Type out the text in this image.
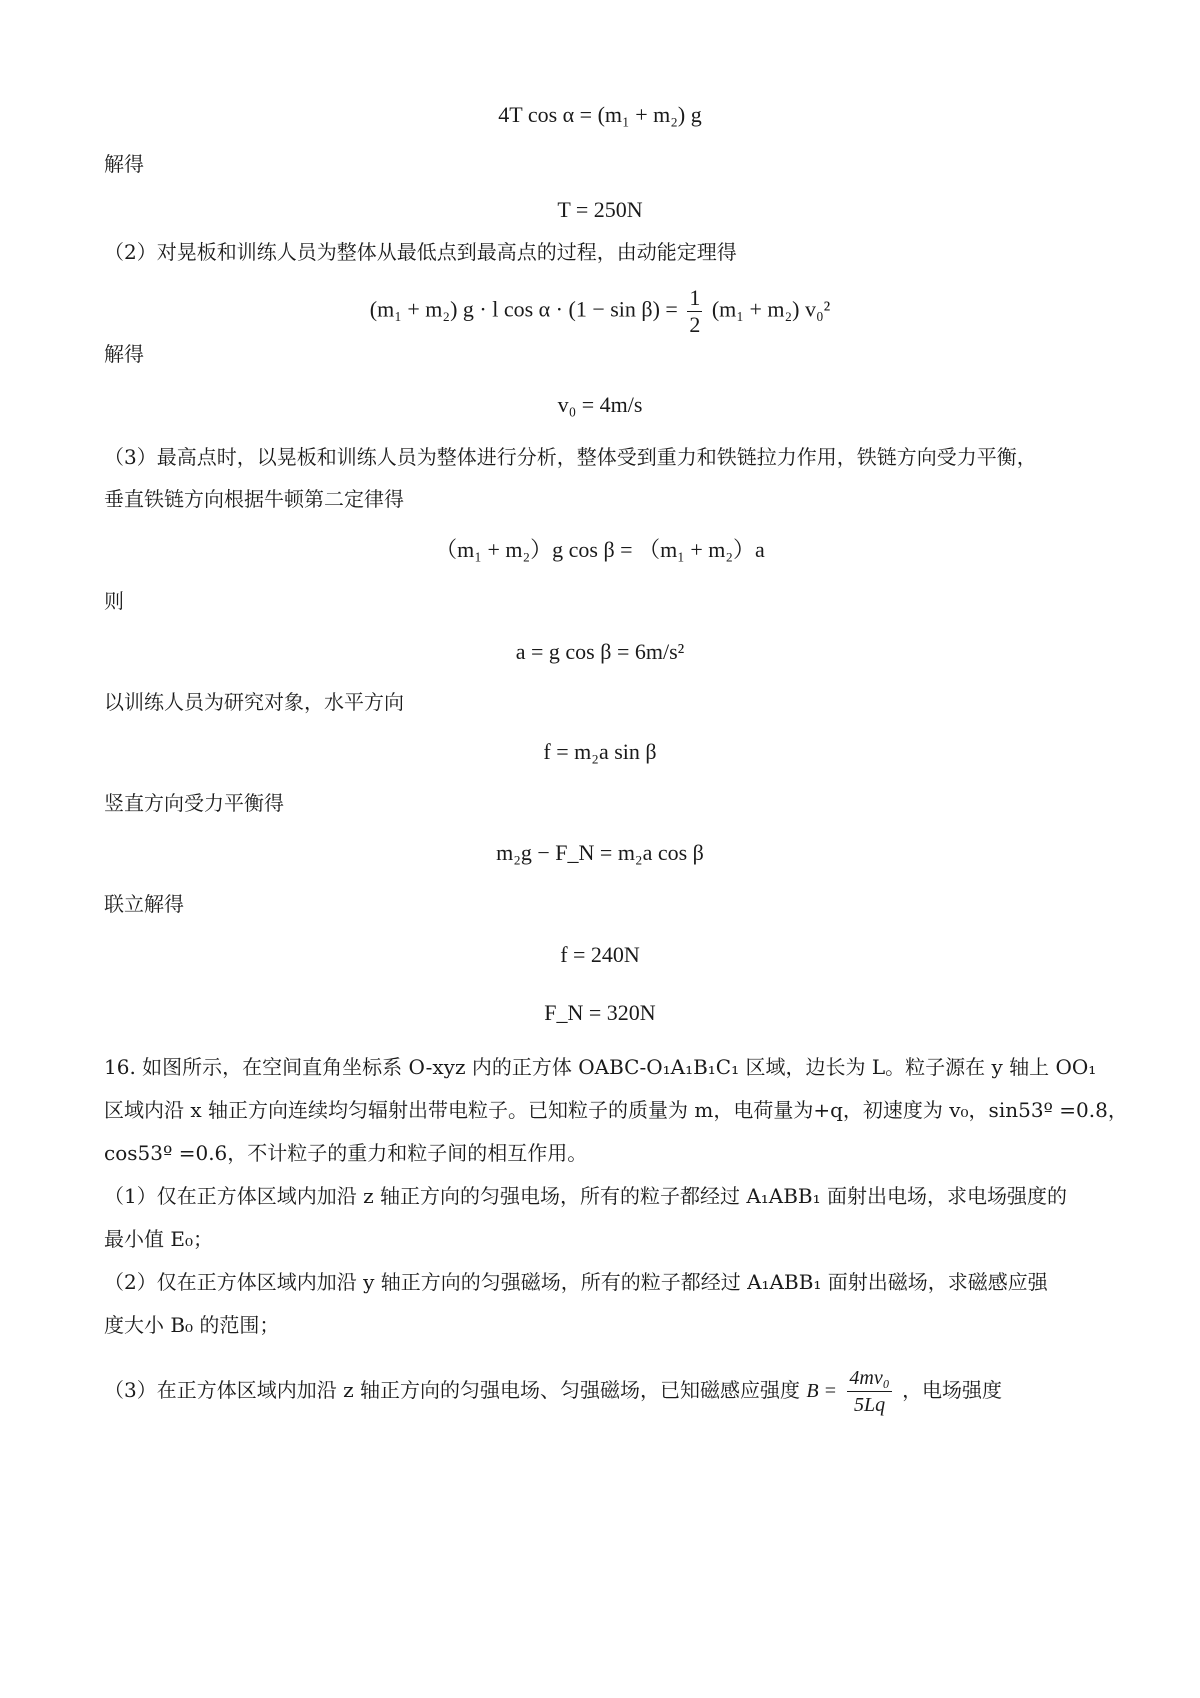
4T cos α = (m₁ + m₂) g
解得
T = 250N
（2）对晃板和训练人员为整体从最低点到最高点的过程，由动能定理得
(m₁ + m₂) g · l $\cos \alpha \cdot (1 - \sin \beta) = \frac{1}{2} (m_1 + m_2)$ v₀²
解得
v₀ = 4m/s
（3）最高点时，以晃板和训练人员为整体进行分析，整体受到重力和铁链拉力作用，铁链方向受力平衡，
垂直铁链方向根据牛顿第二定律得
（m₁ + m₂）g cos β = （m₁ + m₂）a
则
a = g cos β = 6m/s²
以训练人员为研究对象，水平方向
f = m₂a sin β
竖直方向受力平衡得
m₂g − F_N = m₂a cos β
联立解得
f = 240N
F_N = 320N
16. 如图所示，在空间直角坐标系 O-xyz 内的正方体 OABC-O₁A₁B₁C₁ 区域，边长为 L。粒子源在 y 轴上 OO₁
区域内沿 x 轴正方向连续均匀辐射出带电粒子。已知粒子的质量为 m，电荷量为+q，初速度为 v₀，sin53º =0.8，
cos53º =0.6，不计粒子的重力和粒子间的相互作用。
（1）仅在正方体区域内加沿 z 轴正方向的匀强电场，所有的粒子都经过 A₁ABB₁ 面射出电场，求电场强度的
最小值 E₀；
（2）仅在正方体区域内加沿 y 轴正方向的匀强磁场，所有的粒子都经过 A₁ABB₁ 面射出磁场，求磁感应强
度大小 B₀ 的范围；
（3）在正方体区域内加沿 z 轴正方向的匀强电场、匀强磁场，已知磁感应强度 $B = \frac{\text{4mv₀}}{5Lq}$ ，电场强度
